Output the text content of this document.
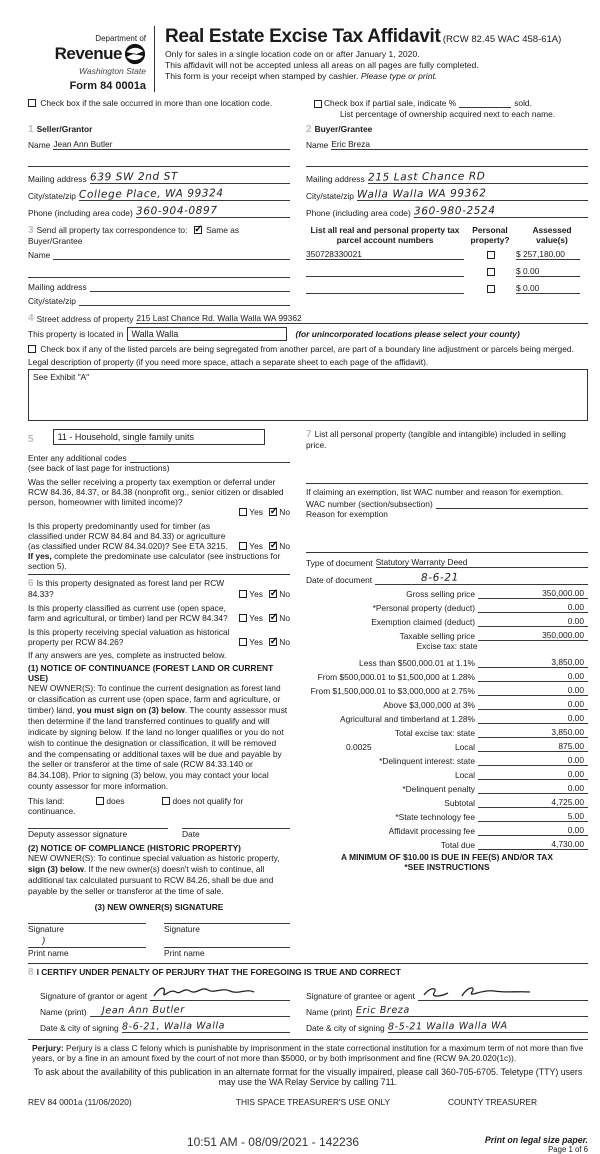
Department of
Revenue
Washington State
Form 84 0001a
Real Estate Excise Tax Affidavit (RCW 82.45 WAC 458-61A)
Only for sales in a single location code on or after January 1, 2020.
This affidavit will not be accepted unless all areas on all pages are fully completed.
This form is your receipt when stamped by cashier. Please type or print.
Check box if the sale occurred in more than one location code.	Check box if partial sale, indicate %	sold.
List percentage of ownership acquired next to each name.
1 Seller/Grantor
Name Jean Ann Butler
Mailing address 639 SW 2nd ST
City/state/zip College Place, WA 99324
Phone (including area code) 360-904-0897
2 Buyer/Grantee
Name Eric Breza
Mailing address 215 Last Chance RD
City/state/zip Walla Walla WA 99362
Phone (including area code) 360-980-2524
3 Send all property tax correspondence to: ✓ Same as Buyer/Grantee
Name
Mailing address
City/state/zip
List all real and personal property tax parcel account numbers
Personal
property?
Assessed
value(s)
350728330021	$ 257,180.00
$ 0.00
$ 0.00
4 Street address of property 215 Last Chance Rd. Walla Walla WA 99362
This property is located in Walla Walla	(for unincorporated locations please select your county)
Check box if any of the listed parcels are being segregated from another parcel, are part of a boundary line adjustment or parcels being merged.
Legal description of property (if you need more space, attach a separate sheet to each page of the affidavit).
See Exhibit "A"
5	11 - Household, single family units
Enter any additional codes
(see back of last page for instructions)
Was the seller receiving a property tax exemption or deferral under RCW 84.36, 84.37, or 84.38 (nonprofit org., senior citizen or disabled person, homeowner with limited income)?
Yes ✓ No
Is this property predominantly used for timber (as classified under RCW 84.84 and 84.33) or agriculture (as classified under RCW 84.34.020)? See ETA 3215.	Yes ✓ No
If yes, complete the predominate use calculator (see instructions for section 5).
6 Is this property designated as forest land per RCW 84.33?	Yes ✓ No
Is this property classified as current use (open space, farm and agricultural, or timber) land per RCW 84.34?	Yes ✓ No
Is this property receiving special valuation as historical property per RCW 84.26?	Yes ✓ No
If any answers are yes, complete as instructed below.
(1) NOTICE OF CONTINUANCE (FOREST LAND OR CURRENT USE)
NEW OWNER(S): To continue the current designation as forest land or classification as current use (open space, farm and agriculture, or timber) land, you must sign on (3) below. The county assessor must then determine if the land transferred continues to qualify and will indicate by signing below. If the land no longer qualifies or you do not wish to continue the designation or classification, it will be removed and the compensating or additional taxes will be due and payable by the seller or transferor at the time of sale (RCW 84.33.140 or 84.34.108). Prior to signing (3) below, you may contact your local county assessor for more information.
This land:	does	does not qualify for
continuance.
Deputy assessor signature	Date
(2) NOTICE OF COMPLIANCE (HISTORIC PROPERTY)
NEW OWNER(S): To continue special valuation as historic property, sign (3) below. If the new owner(s) doesn't wish to continue, all additional tax calculated pursuant to RCW 84.26, shall be due and payable by the seller or transferor at the time of sale.
(3) NEW OWNER(S) SIGNATURE
Signature	Signature
)
Print name	Print name
7 List all personal property (tangible and intangible) included in selling price.
If claiming an exemption, list WAC number and reason for exemption.
WAC number (section/subsection)
Reason for exemption
Type of document Statutory Warranty Deed
Date of document	8-6-21
Gross selling price	350,000.00
*Personal property (deduct)	0.00
Exemption claimed (deduct)	0.00
Taxable selling price	350,000.00
Excise tax: state
Less than $500,000.01 at 1.1%	3,850.00
From $500,000.01 to $1,500,000 at 1.28%	0.00
From $1,500,000.01 to $3,000,000 at 2.75%	0.00
Above $3,000,000 at 3%	0.00
Agricultural and timberland at 1.28%	0.00
Total excise tax: state	3,850.00
0.0025	Local	875.00
*Delinquent interest: state	0.00
Local	0.00
*Delinquent penalty	0.00
Subtotal	4,725.00
*State technology fee	5.00
Affidavit processing fee	0.00
Total due	4,730.00
A MINIMUM OF $10.00 IS DUE IN FEE(S) AND/OR TAX
*SEE INSTRUCTIONS
8 I CERTIFY UNDER PENALTY OF PERJURY THAT THE FOREGOING IS TRUE AND CORRECT
Signature of grantor or agent
Name (print)	Jean Ann Butler
Date & city of signing 8-6-21, Walla Walla
Signature of grantee or agent
Name (print) Eric Breza
Date & city of signing 8-5-21 Walla Walla WA
Perjury: Perjury is a class C felony which is punishable by imprisonment in the state correctional institution for a maximum term of not more than five years, or by a fine in an amount fixed by the court of not more than $5000, or by both imprisonment and fine (RCW 9A.20.020(1c)).
To ask about the availability of this publication in an alternate format for the visually impaired, please call 360-705-6705. Teletype (TTY) users may use the WA Relay Service by calling 711.
REV 84 0001a (11/06/2020)	THIS SPACE TREASURER'S USE ONLY	COUNTY TREASURER
10:51 AM - 08/09/2021 - 142236	Print on legal size paper.
Page 1 of 6
